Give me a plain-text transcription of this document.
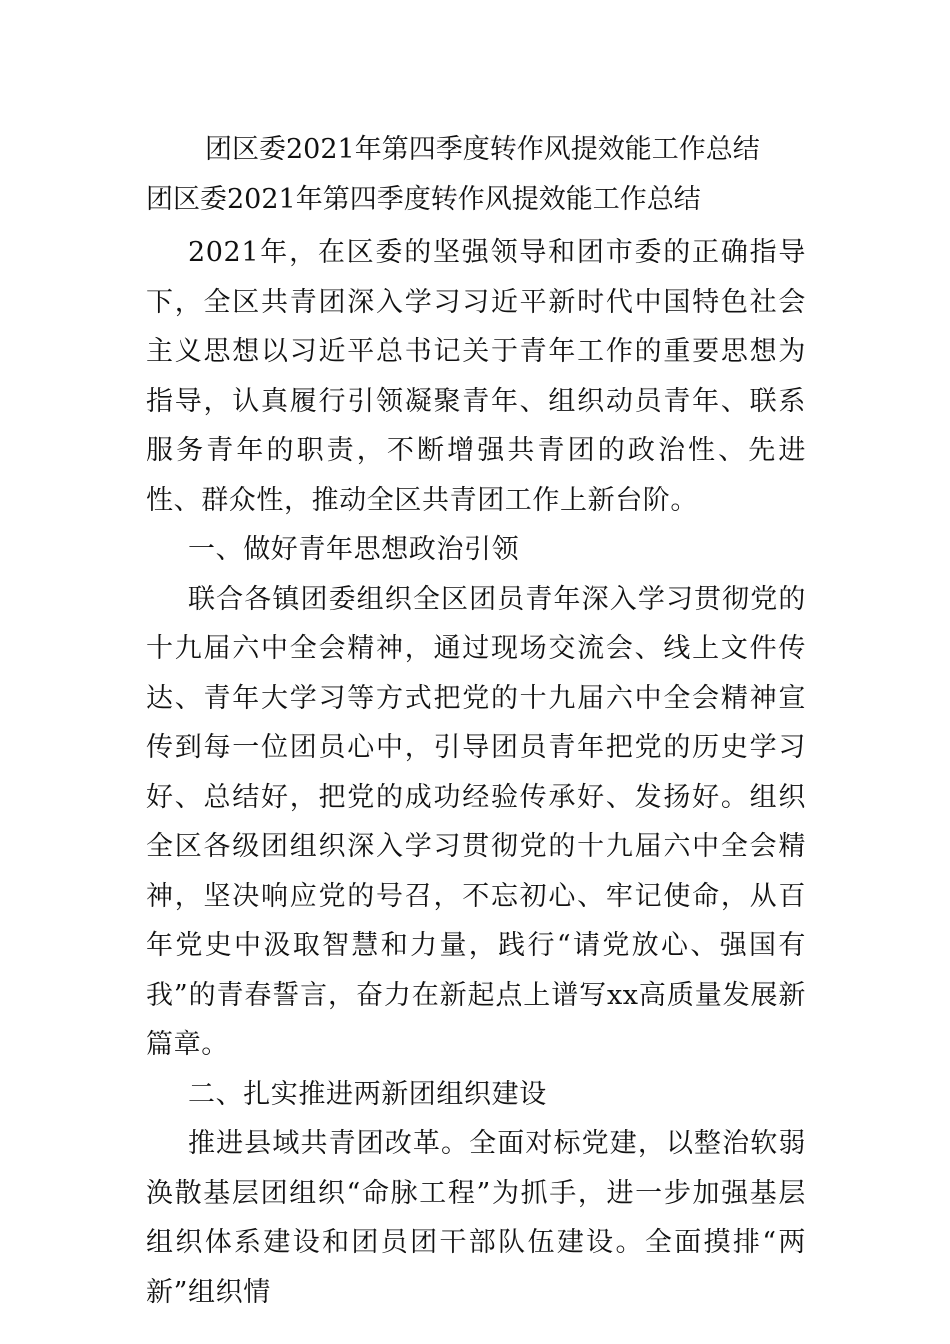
团区委2021年第四季度转作风提效能工作总结
团区委2021年第四季度转作风提效能工作总结

2021年，在区委的坚强领导和团市委的正确指导下，全区共青团深入学习习近平新时代中国特色社会主义思想以习近平总书记关于青年工作的重要思想为指导，认真履行引领凝聚青年、组织动员青年、联系服务青年的职责，不断增强共青团的政治性、先进性、群众性，推动全区共青团工作上新台阶。

一、做好青年思想政治引领

联合各镇团委组织全区团员青年深入学习贯彻党的十九届六中全会精神，通过现场交流会、线上文件传达、青年大学习等方式把党的十九届六中全会精神宣传到每一位团员心中，引导团员青年把党的历史学习好、总结好，把党的成功经验传承好、发扬好。组织全区各级团组织深入学习贯彻党的十九届六中全会精神，坚决响应党的号召，不忘初心、牢记使命，从百年党史中汲取智慧和力量，践行“请党放心、强国有我”的青春誓言，奋力在新起点上谱写xx高质量发展新篇章。

二、扎实推进两新团组织建设

推进县域共青团改革。全面对标党建，以整治软弱涣散基层团组织“命脉工程”为抓手，进一步加强基层组织体系建设和团员团干部队伍建设。全面摸排“两新”组织情
